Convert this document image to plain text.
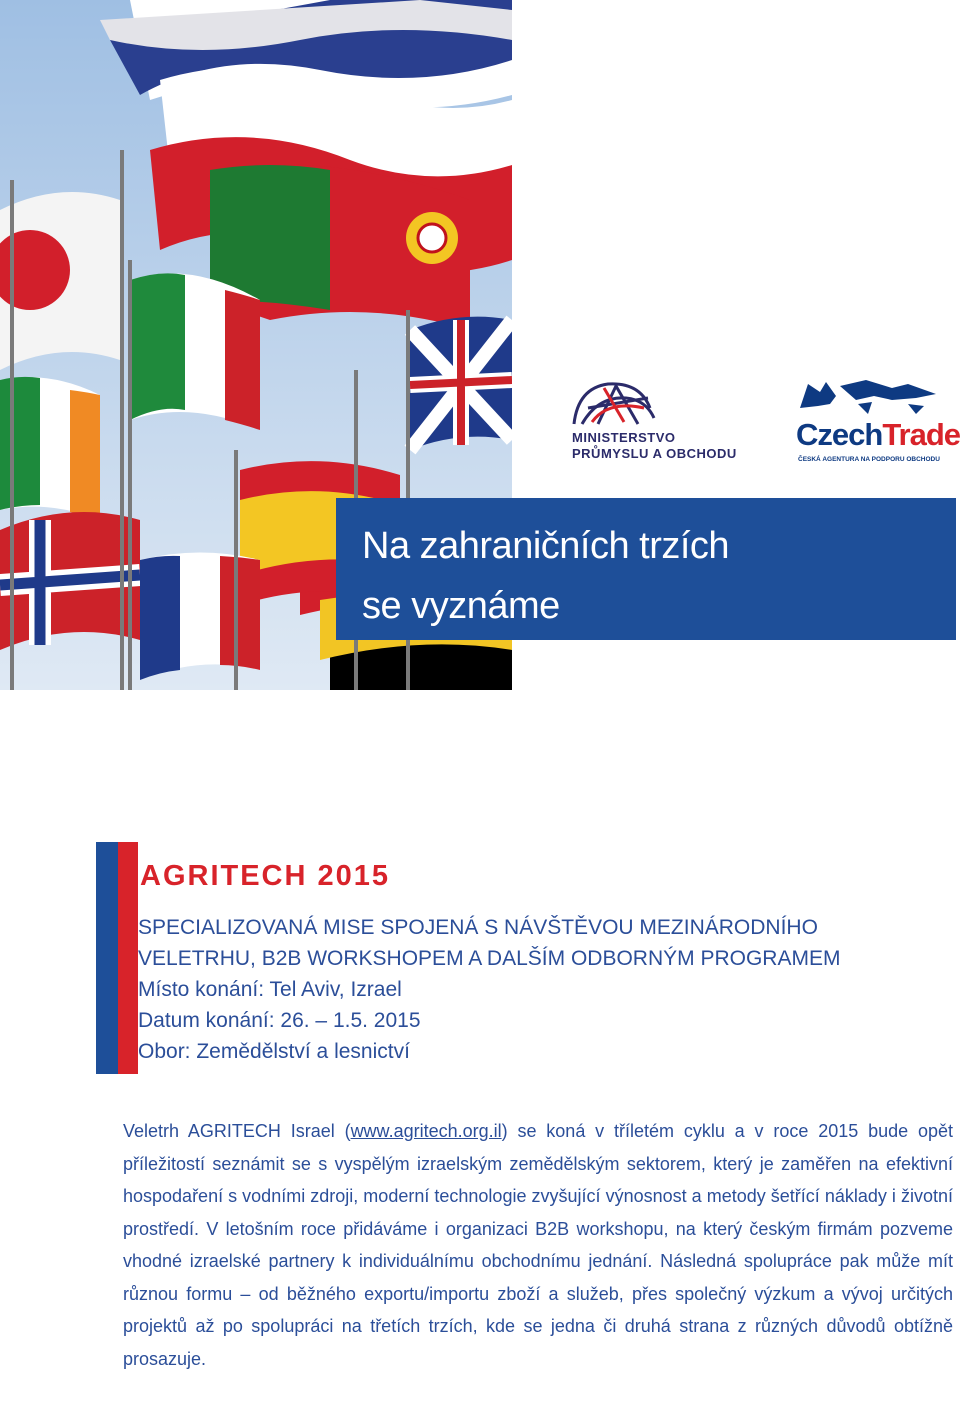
MINISTERSTVO
PRŮMYSLU A OBCHODU
CzechTrade
ČESKÁ AGENTURA NA PODPORU OBCHODU
Na zahraničních trzích
se vyznáme
AGRITECH 2015
SPECIALIZOVANÁ MISE SPOJENÁ S NÁVŠTĚVOU MEZINÁRODNÍHO
VELETRHU, B2B WORKSHOPEM A DALŠÍM ODBORNÝM PROGRAMEM
Místo konání: Tel Aviv, Izrael
Datum konání: 26. – 1.5. 2015
Obor: Zemědělství a lesnictví
Veletrh AGRITECH Israel (www.agritech.org.il) se koná v tříletém cyklu a v roce 2015 bude opět příležitostí seznámit se s vyspělým izraelským zemědělským sektorem, který je zaměřen na efektivní hospodaření s vodními zdroji, moderní technologie zvyšující výnosnost a metody šetřící náklady i životní prostředí. V letošním roce přidáváme i organizaci B2B workshopu, na který českým firmám pozveme vhodné izraelské partnery k individuálnímu obchodnímu jednání. Následná spolupráce pak může mít různou formu – od běžného exportu/importu zboží a služeb, přes společný výzkum a vývoj určitých projektů až po spolupráci na třetích trzích, kde se jedna či druhá strana z různých důvodů obtížně prosazuje.
